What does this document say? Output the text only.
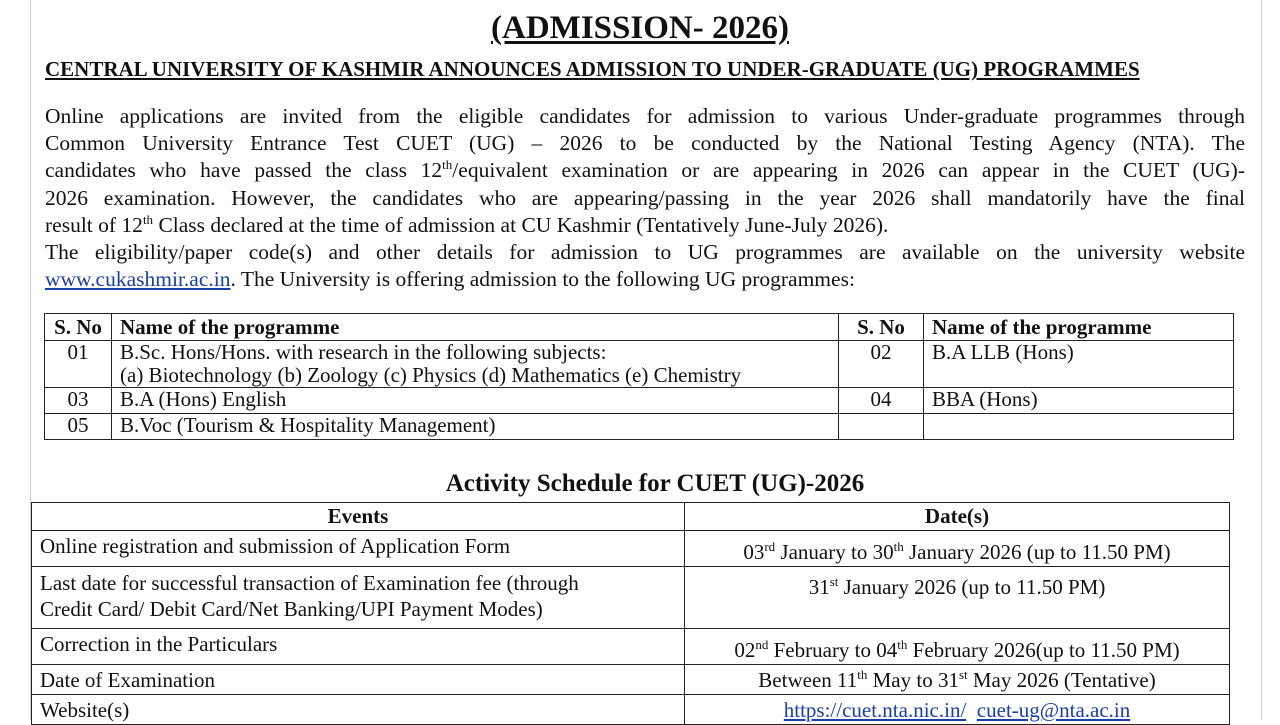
(ADMISSION- 2026)
CENTRAL UNIVERSITY OF KASHMIR ANNOUNCES ADMISSION TO UNDER-GRADUATE (UG) PROGRAMMES
Online applications are invited from the eligible candidates for admission to various Under-graduate programmes through
Common University Entrance Test CUET (UG) – 2026 to be conducted by the National Testing Agency (NTA). The
candidates who have passed the class 12th/equivalent examination or are appearing in 2026 can appear in the CUET (UG)-
2026 examination. However, the candidates who are appearing/passing in the year 2026 shall mandatorily have the final
result of 12th Class declared at the time of admission at CU Kashmir (Tentatively June-July 2026).
The eligibility/paper code(s) and other details for admission to UG programmes are available on the university website
www.cukashmir.ac.in. The University is offering admission to the following UG programmes:
S. No	Name of the programme	S. No	Name of the programme
01	B.Sc. Hons/Hons. with research in the following subjects:
(a) Biotechnology (b) Zoology (c) Physics (d) Mathematics (e) Chemistry	02	B.A LLB (Hons)
03	B.A (Hons) English	04	BBA (Hons)
05	B.Voc (Tourism & Hospitality Management)		
Activity Schedule for CUET (UG)-2026
Events	Date(s)
Online registration and submission of Application Form	03rd January to 30th January 2026 (up to 11.50 PM)

Last date for successful transaction of Examination fee (through
Credit Card/ Debit Card/Net Banking/UPI Payment Modes)	31st January 2026 (up to 11.50 PM)
Correction in the Particulars	02nd February to 04th February 2026(up to 11.50 PM)
Date of Examination	Between 11th May to 31st May 2026 (Tentative)
Website(s)	https://cuet.nta.nic.in/ cuet-ug@nta.ac.in
